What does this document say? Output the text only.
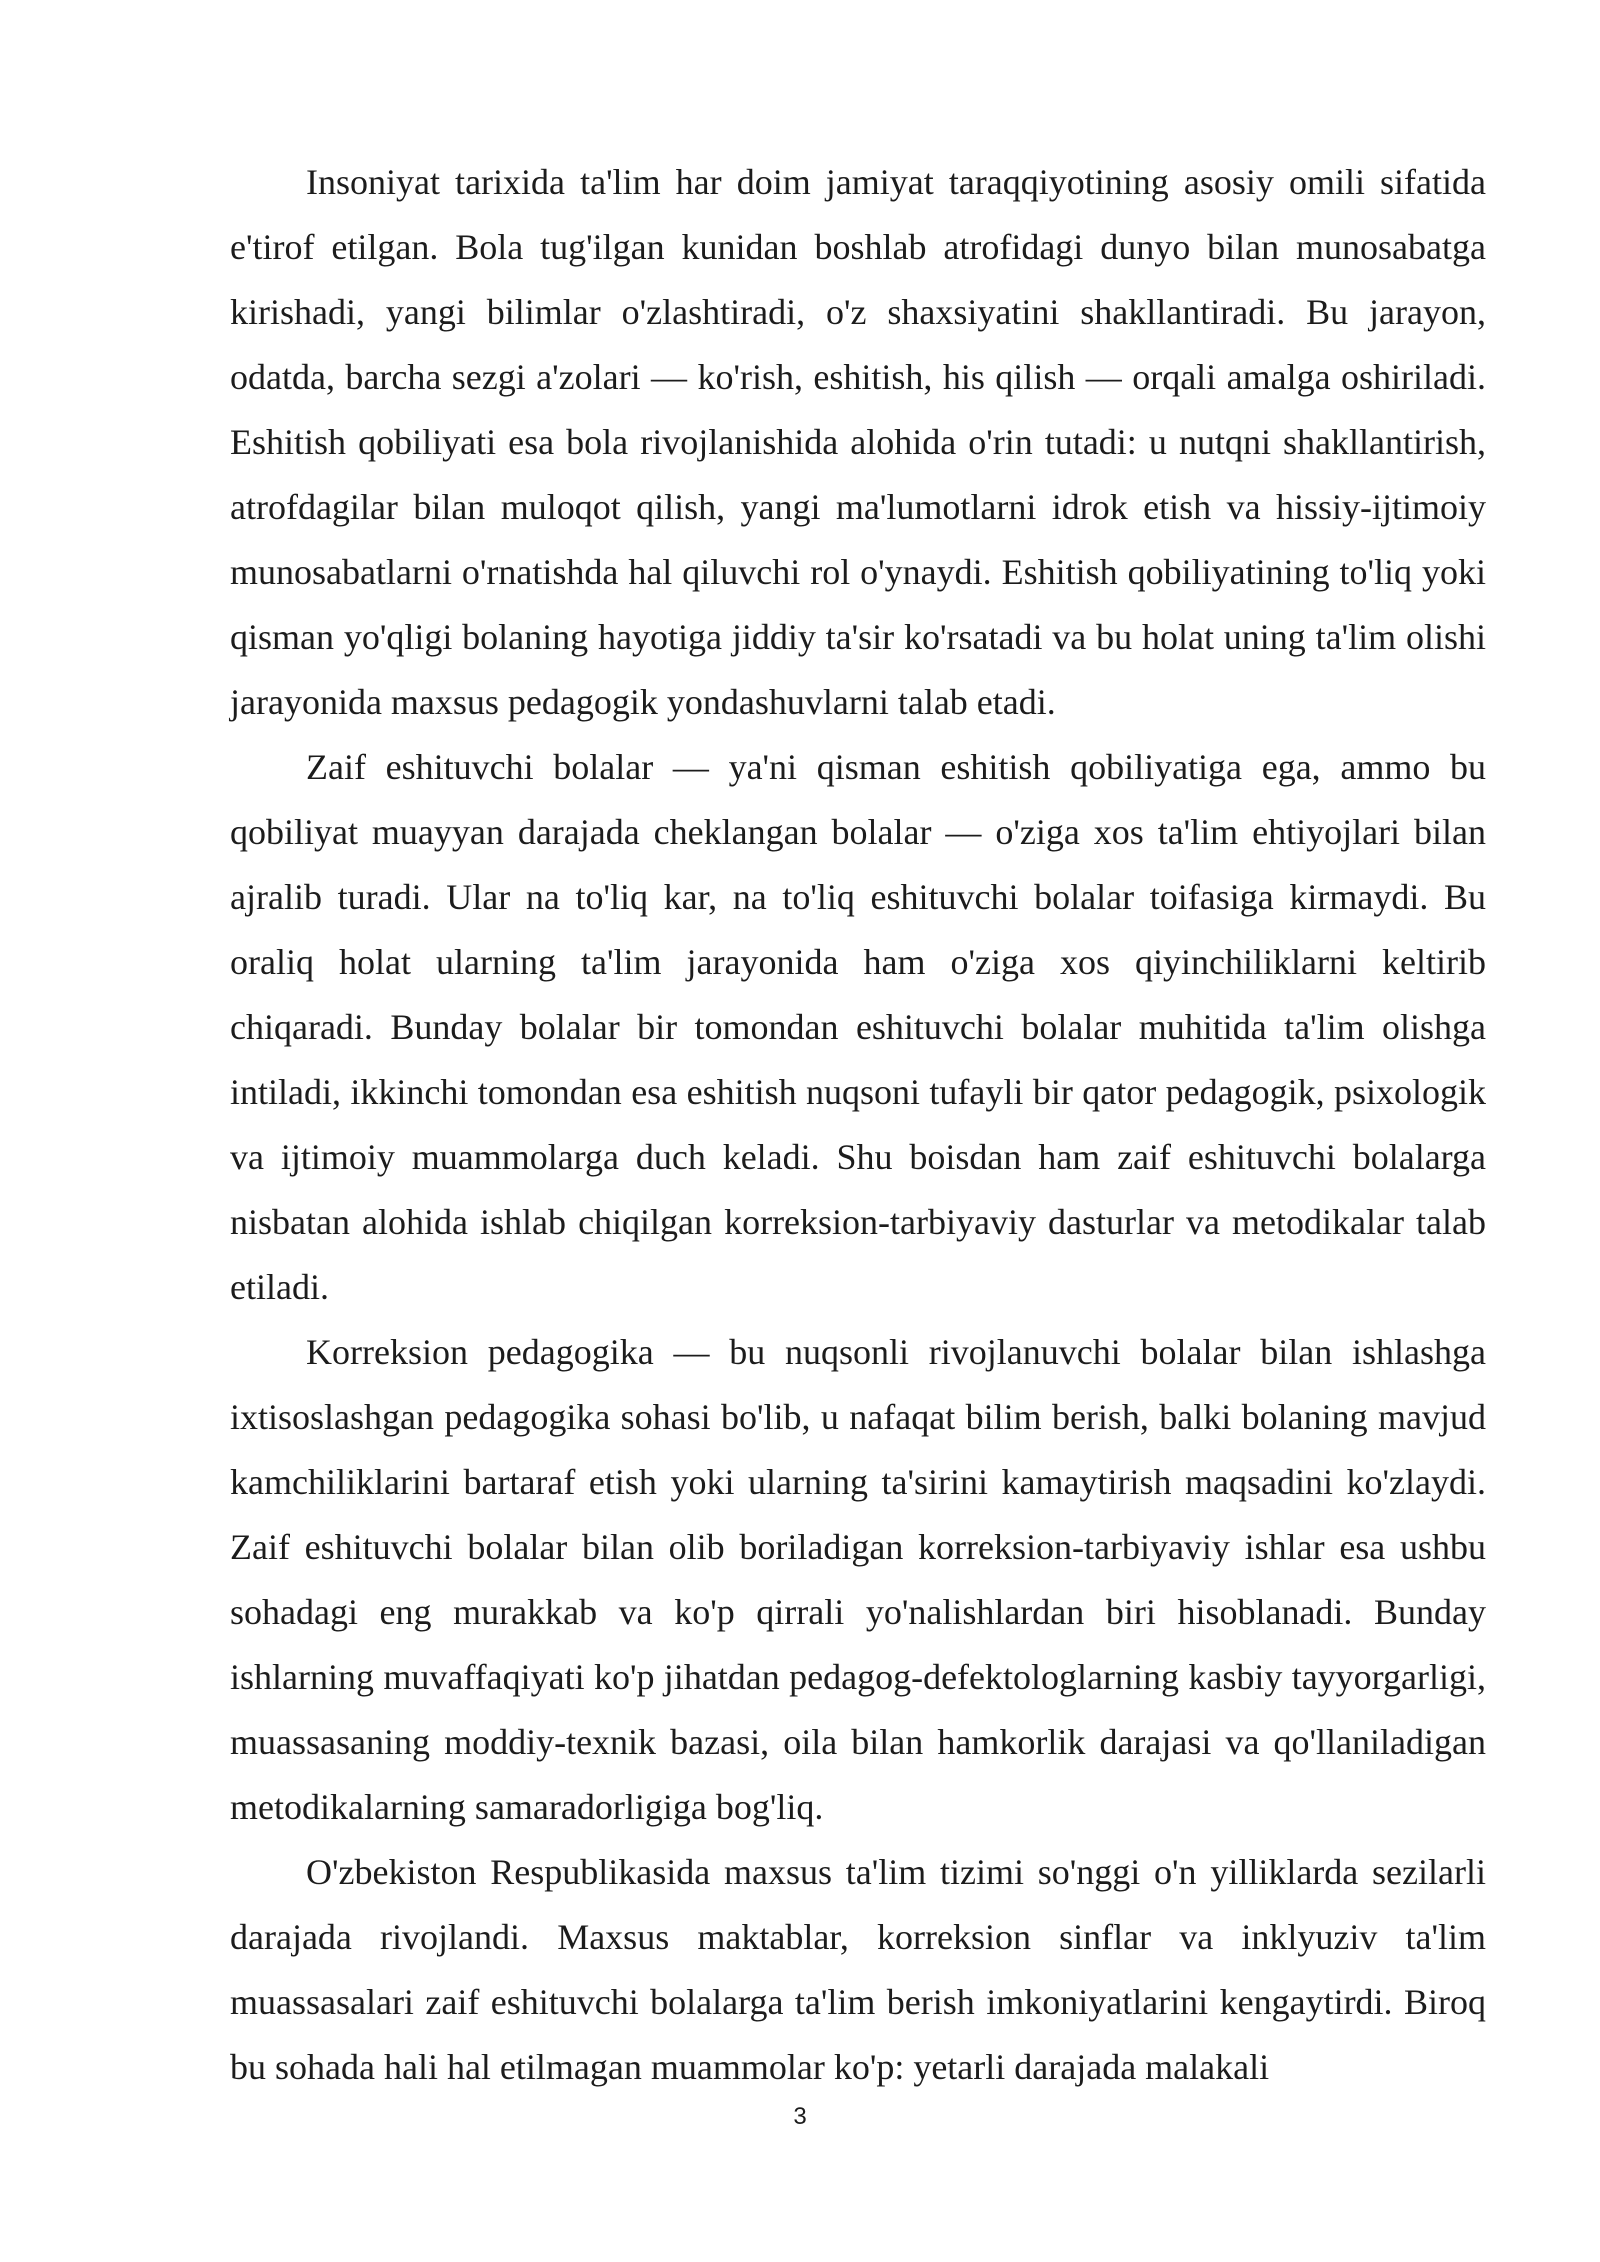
Insoniyat tarixida ta'lim har doim jamiyat taraqqiyotining asosiy omili sifatida e'tirof etilgan. Bola tug'ilgan kunidan boshlab atrofidagi dunyo bilan munosabatga kirishadi, yangi bilimlar o'zlashtiradi, o'z shaxsiyatini shakllantiradi. Bu jarayon, odatda, barcha sezgi a'zolari — ko'rish, eshitish, his qilish — orqali amalga oshiriladi. Eshitish qobiliyati esa bola rivojlanishida alohida o'rin tutadi: u nutqni shakllantirish, atrofdagilar bilan muloqot qilish, yangi ma'lumotlarni idrok etish va hissiy-ijtimoiy munosabatlarni o'rnatishda hal qiluvchi rol o'ynaydi. Eshitish qobiliyatining to'liq yoki qisman yo'qligi bolaning hayotiga jiddiy ta'sir ko'rsatadi va bu holat uning ta'lim olishi jarayonida maxsus pedagogik yondashuvlarni talab etadi.

Zaif eshituvchi bolalar — ya'ni qisman eshitish qobiliyatiga ega, ammo bu qobiliyat muayyan darajada cheklangan bolalar — o'ziga xos ta'lim ehtiyojlari bilan ajralib turadi. Ular na to'liq kar, na to'liq eshituvchi bolalar toifasiga kirmaydi. Bu oraliq holat ularning ta'lim jarayonida ham o'ziga xos qiyinchiliklarni keltirib chiqaradi. Bunday bolalar bir tomondan eshituvchi bolalar muhitida ta'lim olishga intiladi, ikkinchi tomondan esa eshitish nuqsoni tufayli bir qator pedagogik, psixologik va ijtimoiy muammolarga duch keladi. Shu boisdan ham zaif eshituvchi bolalarga nisbatan alohida ishlab chiqilgan korreksion-tarbiyaviy dasturlar va metodikalar talab etiladi.

Korreksion pedagogika — bu nuqsonli rivojlanuvchi bolalar bilan ishlashga ixtisoslashgan pedagogika sohasi bo'lib, u nafaqat bilim berish, balki bolaning mavjud kamchiliklarini bartaraf etish yoki ularning ta'sirini kamaytirish maqsadini ko'zlaydi. Zaif eshituvchi bolalar bilan olib boriladigan korreksion-tarbiyaviy ishlar esa ushbu sohadagi eng murakkab va ko'p qirrali yo'nalishlardan biri hisoblanadi. Bunday ishlarning muvaffaqiyati ko'p jihatdan pedagog-defektologlarning kasbiy tayyorgarligi, muassasaning moddiy-texnik bazasi, oila bilan hamkorlik darajasi va qo'llaniladigan metodikalarning samaradorligiga bog'liq.

O'zbekiston Respublikasida maxsus ta'lim tizimi so'nggi o'n yilliklarda sezilarli darajada rivojlandi. Maxsus maktablar, korreksion sinflar va inklyuziv ta'lim muassasalari zaif eshituvchi bolalarga ta'lim berish imkoniyatlarini kengaytirdi. Biroq bu sohada hali hal etilmagan muammolar ko'p: yetarli darajada malakali

3
